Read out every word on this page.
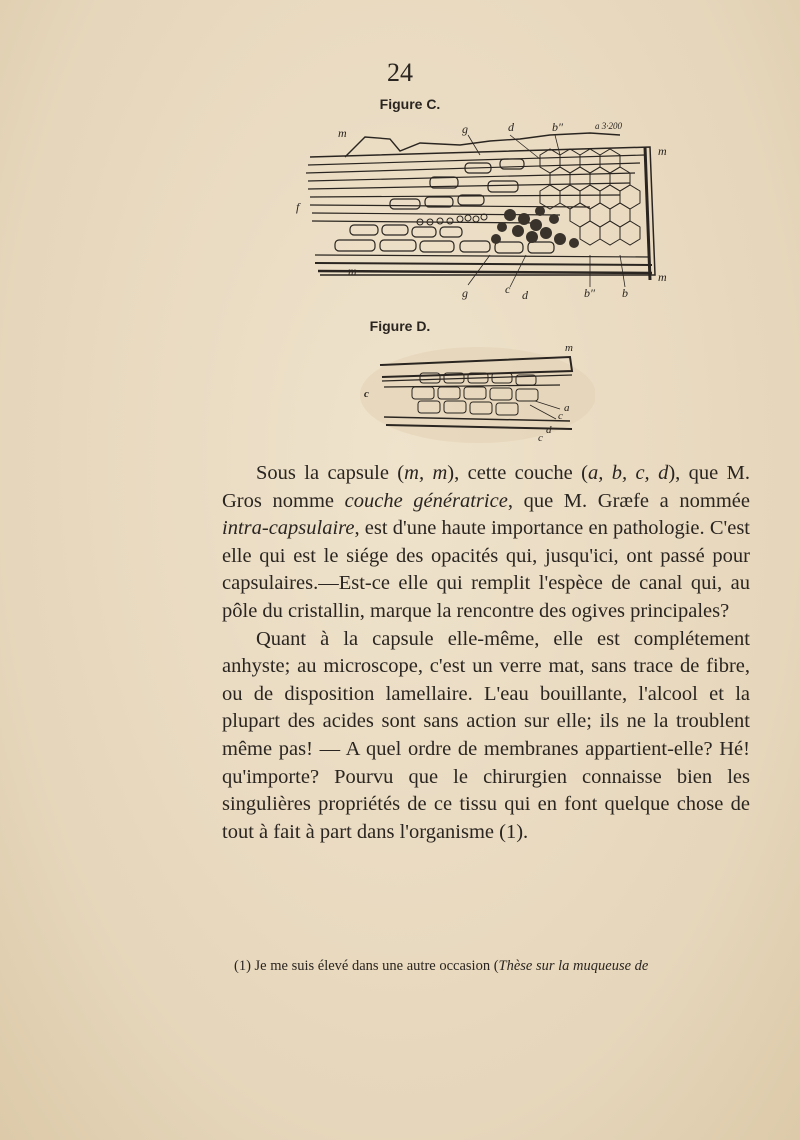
24
Figure C.
m	g	d	b″	a 3·200
m
f
m
g	c d	b″ b
m
Figure D.
m
c
a
c
d
c

Sous la capsule (m, m), cette couche (a, b, c, d), que M. Gros nomme couche génératrice, que M. Græfe a nommée intra-capsulaire, est d'une haute importance en pathologie. C'est elle qui est le siége des opacités qui, jusqu'ici, ont passé pour capsulaires.—Est-ce elle qui remplit l'espèce de canal qui, au pôle du cristallin, marque la rencontre des ogives principales?

Quant à la capsule elle-même, elle est complétement anhyste; au microscope, c'est un verre mat, sans trace de fibre, ou de disposition lamellaire. L'eau bouillante, l'alcool et la plupart des acides sont sans action sur elle; ils ne la troublent même pas! — A quel ordre de membranes appartient-elle? Hé! qu'importe? Pourvu que le chirurgien connaisse bien les singulières propriétés de ce tissu qui en font quelque chose de tout à fait à part dans l'organisme (1).

(1) Je me suis élevé dans une autre occasion (Thèse sur la muqueuse de
